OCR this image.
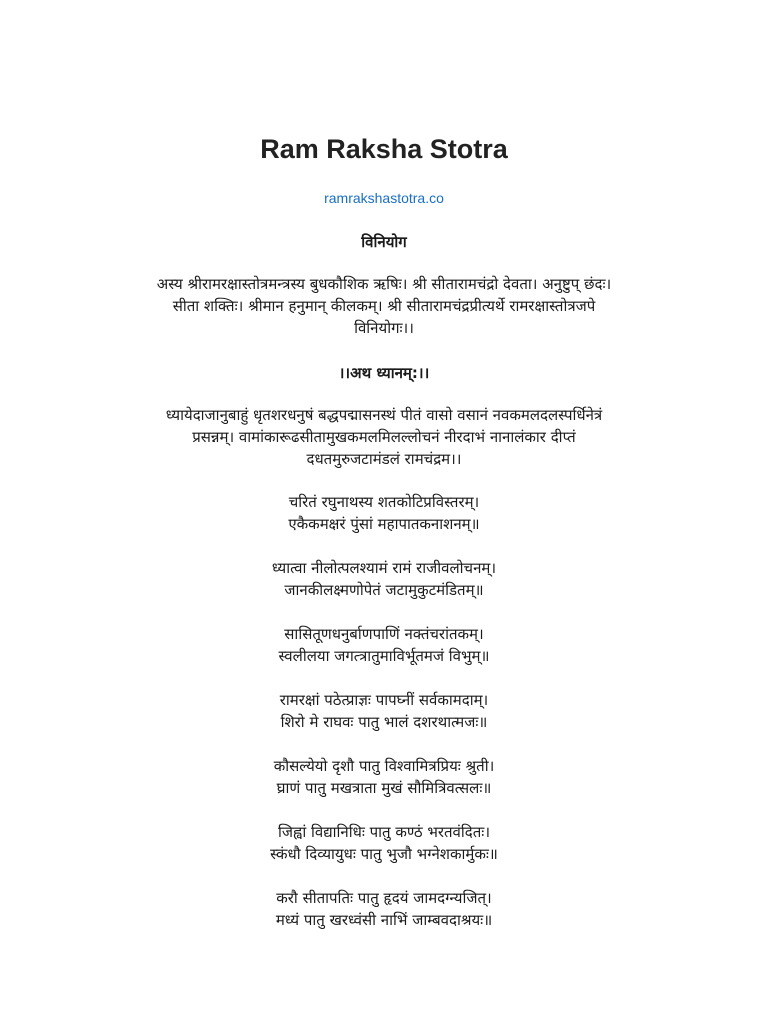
Ram Raksha Stotra
ramrakshastotra.co
विनियोग

अस्य श्रीरामरक्षास्तोत्रमन्त्रस्य बुधकौशिक ऋषिः। श्री सीतारामचंद्रो देवता। अनुष्टुप् छंदः।
सीता शक्तिः। श्रीमान हनुमान् कीलकम्। श्री सीतारामचंद्रप्रीत्यर्थे रामरक्षास्तोत्रजपे
विनियोगः।।

।।अथ ध्यानम्:।।

ध्यायेदाजानुबाहुं धृतशरधनुषं बद्धपद्मासनस्थं पीतं वासो वसानं नवकमलदलस्पर्धिनेत्रं
प्रसन्नम्। वामांकारूढसीतामुखकमलमिलल्लोचनं नीरदाभं नानालंकार दीप्तं
दधतमुरुजटामंडलं रामचंद्रम।।

चरितं रघुनाथस्य शतकोटिप्रविस्तरम्।
एकैकमक्षरं पुंसां महापातकनाशनम्॥

ध्यात्वा नीलोत्पलश्यामं रामं राजीवलोचनम्।
जानकीलक्ष्मणोपेतं जटामुकुटमंडितम्॥

सासितूणधनुर्बाणपाणिं नक्तंचरांतकम्।
स्वलीलया जगत्त्रातुमाविर्भूतमजं विभुम्॥

रामरक्षां पठेत्प्राज्ञः पापघ्नीं सर्वकामदाम्।
शिरो मे राघवः पातु भालं दशरथात्मजः॥

कौसल्येयो दृशौ पातु विश्वामित्रप्रियः श्रुती।
घ्राणं पातु मखत्राता मुखं सौमित्रिवत्सलः॥

जिह्वां विद्यानिधिः पातु कण्ठं भरतवंदितः।
स्कंधौ दिव्यायुधः पातु भुजौ भग्नेशकार्मुकः॥

करौ सीतापतिः पातु हृदयं जामदग्न्यजित्।
मध्यं पातु खरध्वंसी नाभिं जाम्बवदाश्रयः॥
